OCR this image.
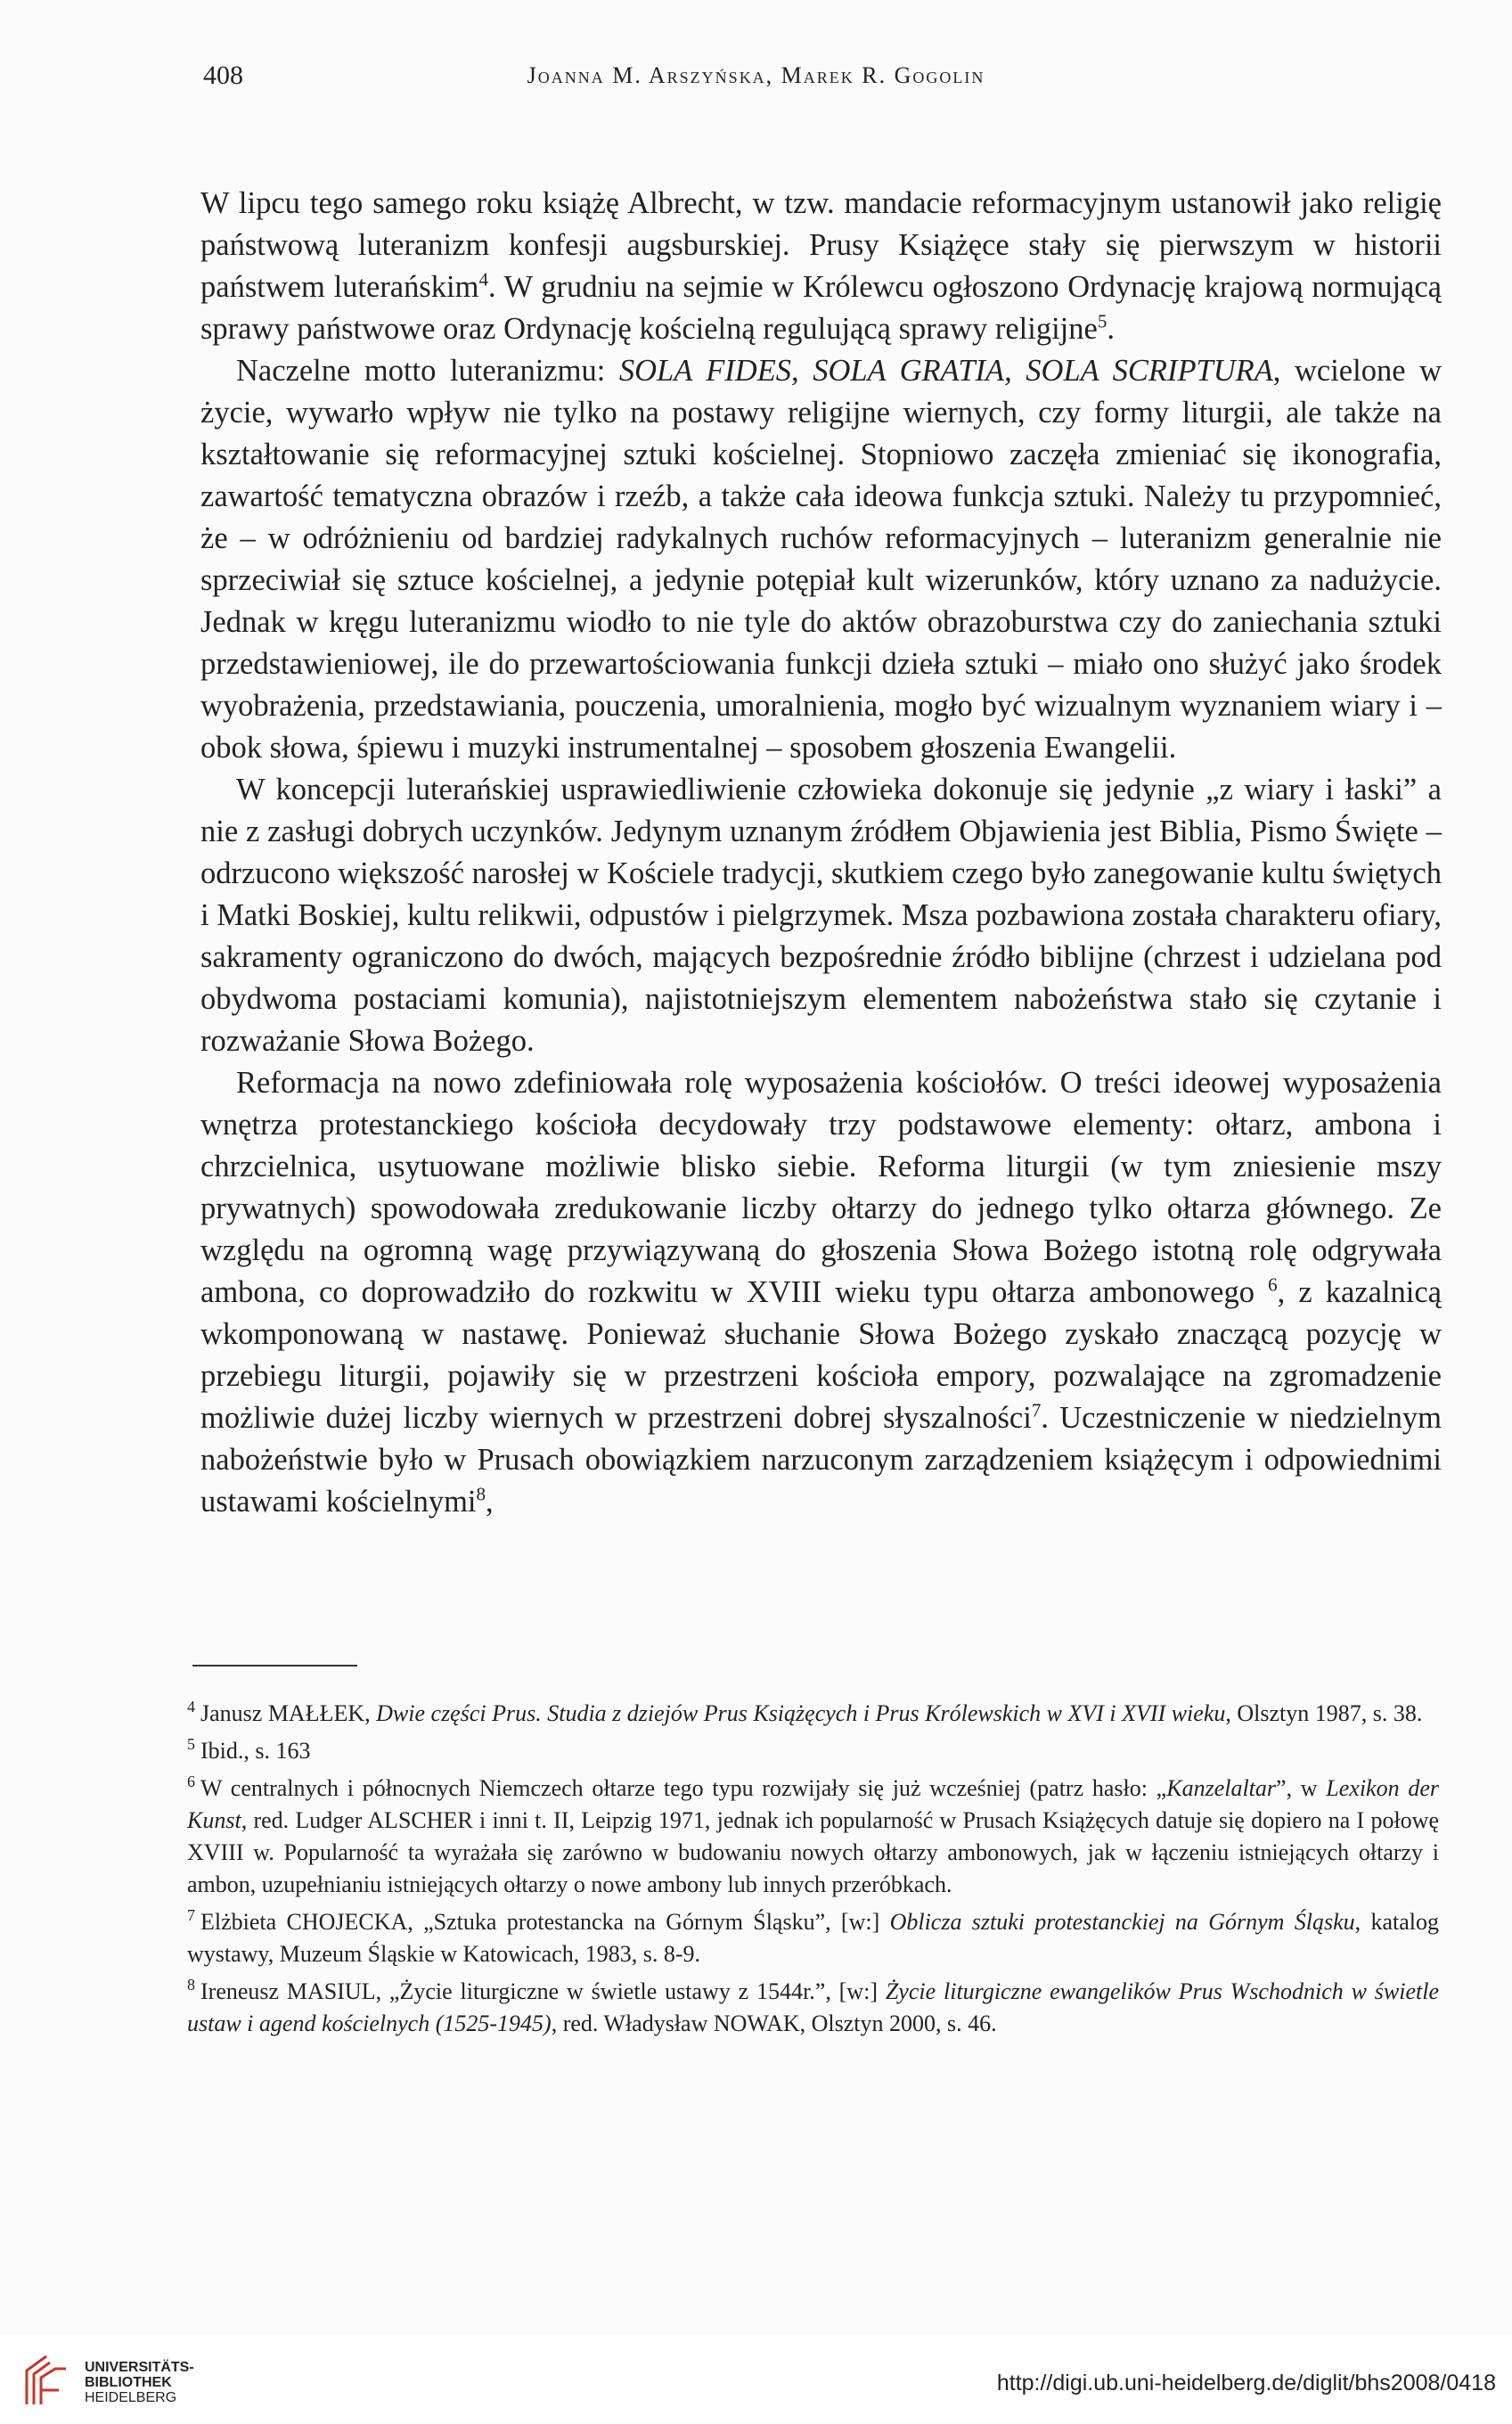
408	Joanna M. Arszyńska, Marek R. Gogolin

W lipcu tego samego roku książę Albrecht, w tzw. mandacie reformacyjnym ustanowił jako religię państwową luteranizm konfesji augsburskiej. Prusy Książęce stały się pierwszym w historii państwem luterańskim$^4$. W grudniu na sejmie w Królewcu ogłoszono Ordynację krajową normującą sprawy państwowe oraz Ordynację kościelną regulującą sprawy religijne$^5$.

Naczelne motto luteranizmu: SOLA FIDES, SOLA GRATIA, SOLA SCRIPTURA, wcielone w życie, wywarło wpływ nie tylko na postawy religijne wiernych, czy formy liturgii, ale także na kształtowanie się reformacyjnej sztuki kościelnej. Stopniowo zaczęła zmieniać się ikonografia, zawartość tematyczna obrazów i rzeźb, a także cała ideowa funkcja sztuki. Należy tu przypomnieć, że – w odróżnieniu od bardziej radykalnych ruchów reformacyjnych – luteranizm generalnie nie sprzeciwiał się sztuce kościelnej, a jedynie potępiał kult wizerunków, który uznano za nadużycie. Jednak w kręgu luteranizmu wiodło to nie tyle do aktów obrazoburstwa czy do zaniechania sztuki przedstawieniowej, ile do przewartościowania funkcji dzieła sztuki – miało ono służyć jako środek wyobrażenia, przedstawiania, pouczenia, umoralnienia, mogło być wizualnym wyznaniem wiary i – obok słowa, śpiewu i muzyki instrumentalnej – sposobem głoszenia Ewangelii.

W koncepcji luterańskiej usprawiedliwienie człowieka dokonuje się jedynie „z wiary i łaski” a nie z zasługi dobrych uczynków. Jedynym uznanym źródłem Objawienia jest Biblia, Pismo Święte – odrzucono większość narosłej w Kościele tradycji, skutkiem czego było zanegowanie kultu świętych i Matki Boskiej, kultu relikwii, odpustów i pielgrzymek. Msza pozbawiona została charakteru ofiary, sakramenty ograniczono do dwóch, mających bezpośrednie źródło biblijne (chrzest i udzielana pod obydwoma postaciami komunia), najistotniejszym elementem nabożeństwa stało się czytanie i rozważanie Słowa Bożego.

Reformacja na nowo zdefiniowała rolę wyposażenia kościołów. O treści ideowej wyposażenia wnętrza protestanckiego kościoła decydowały trzy podstawowe elementy: ołtarz, ambona i chrzcielnica, usytuowane możliwie blisko siebie. Reforma liturgii (w tym zniesienie mszy prywatnych) spowodowała zredukowanie liczby ołtarzy do jednego tylko ołtarza głównego. Ze względu na ogromną wagę przywiązywaną do głoszenia Słowa Bożego istotną rolę odgrywała ambona, co doprowadziło do rozkwitu w XVIII wieku typu ołtarza ambonowego $^6$, z kazalnicą wkomponowaną w nastawę. Ponieważ słuchanie Słowa Bożego zyskało znaczącą pozycję w przebiegu liturgii, pojawiły się w przestrzeni kościoła empory, pozwalające na zgromadzenie możliwie dużej liczby wiernych w przestrzeni dobrej słyszalności$^7$. Uczestniczenie w niedzielnym nabożeństwie było w Prusach obowiązkiem narzuconym zarządzeniem książęcym i odpowiednimi ustawami kościelnymi$^8$,

$^4$ Janusz MAŁŁEK, Dwie części Prus. Studia z dziejów Prus Książęcych i Prus Królewskich w XVI i XVII wieku, Olsztyn 1987, s. 38.

$^5$ Ibid., s. 163

$^6$ W centralnych i północnych Niemczech ołtarze tego typu rozwijały się już wcześniej (patrz hasło: „Kanzelaltar”, w Lexikon der Kunst, red. Ludger ALSCHER i inni t. II, Leipzig 1971, jednak ich popularność w Prusach Książęcych datuje się dopiero na I połowę XVIII w. Popularność ta wyrażała się zarówno w budowaniu nowych ołtarzy ambonowych, jak w łączeniu istniejących ołtarzy i ambon, uzupełnianiu istniejących ołtarzy o nowe ambony lub innych przeróbkach.

$^7$ Elżbieta CHOJECKA, „Sztuka protestancka na Górnym Śląsku”, [w:] Oblicza sztuki protestanckiej na Górnym Śląsku, katalog wystawy, Muzeum Śląskie w Katowicach, 1983, s. 8-9.

$^8$ Ireneusz MASIUL, „Życie liturgiczne w świetle ustawy z 1544r.”, [w:] Życie liturgiczne ewangelików Prus Wschodnich w świetle ustaw i agend kościelnych (1525-1945), red. Władysław NOWAK, Olsztyn 2000, s. 46.

UNIVERSITÄTS-
BIBLIOTHEK
HEIDELBERG
http://digi.ub.uni-heidelberg.de/diglit/bhs2008/0418
